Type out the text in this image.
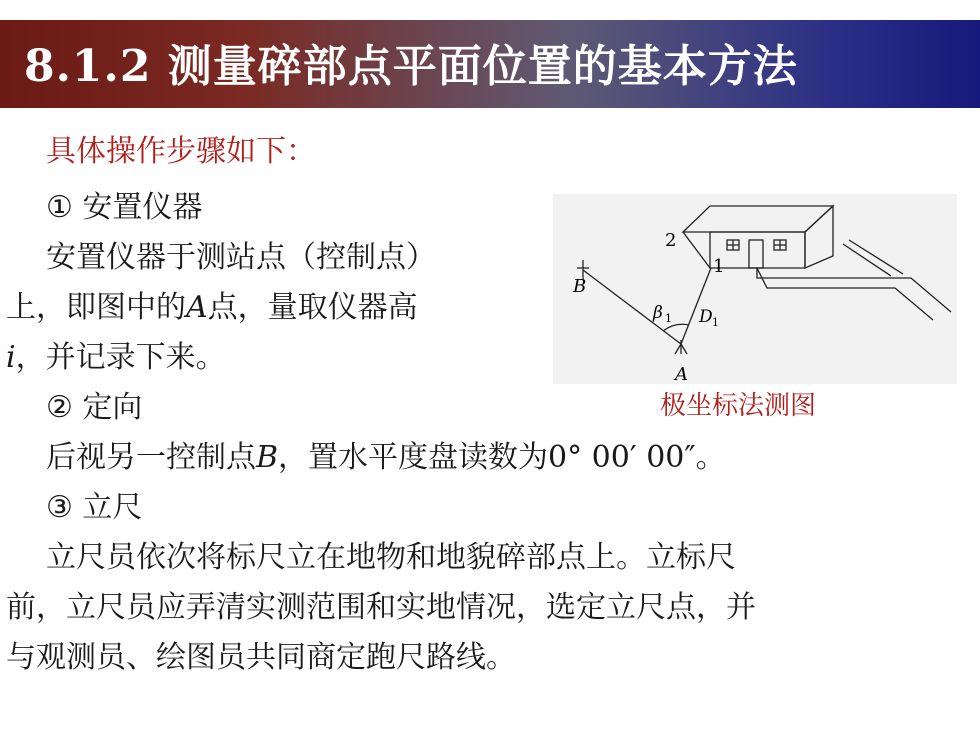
8.1.2 测量碎部点平面位置的基本方法
具体操作步骤如下：
① 安置仪器
安置仪器于测站点（控制点）
上，即图中的A点，量取仪器高
i，并记录下来。
② 定向
后视另一控制点B，置水平度盘读数为0° 00′ 00″。
③ 立尺
立尺员依次将标尺立在地物和地貌碎部点上。立标尺
前，立尺员应弄清实测范围和实地情况，选定立尺点，并
与观测员、绘图员共同商定跑尺路线。
B
A
1
2
β 1 D 1
极坐标法测图
